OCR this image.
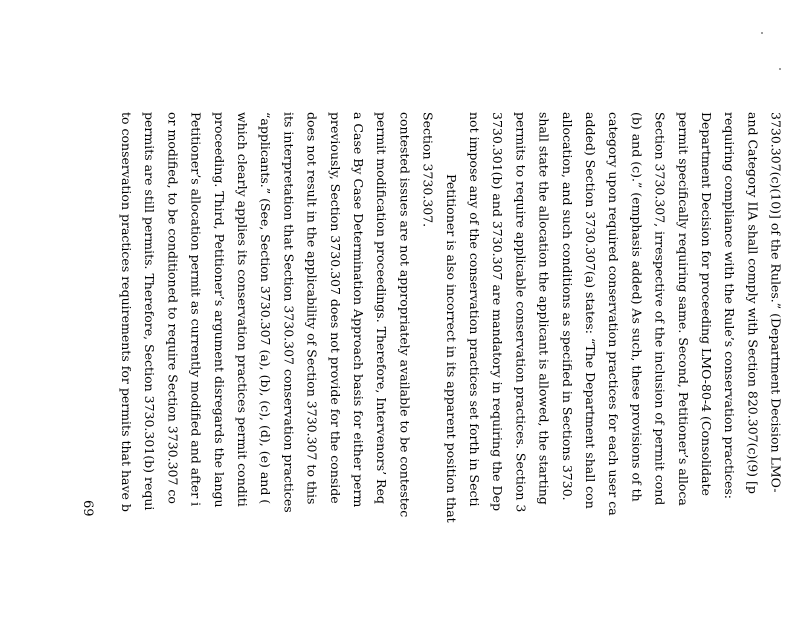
to conservation practices requirements for permits that have b permits are still permits. Therefore, Section 3730.301(b) requi or modified, to be conditioned to require Section 3730.307 co Petitioner’s allocation permit as currently modified and after i proceeding. Third, Petitioner’s argument disregards the langu which clearly applies its conservation practices permit conditi “applicants.” (See, Section 3730.307 (a), (b), (c), (d), (e) and ( its interpretation that Section 3730.307 conservation practices does not result in the applicability of Section 3730.307 to this previously, Section 3730.307 does not provide for the conside a Case By Case Determination Approach basis for either perm permit modification proceedings. Therefore, Intervenors’ Req contested issues are not appropriately available to be contestec Section 3730.307.
Petitioner is also incorrect in its apparent position that not impose any of the conservation practices set forth in Secti 3730.301(b) and 3730.307 are mandatory in requiring the Dep permits to require applicable conservation practices. Section 3 shall state the allocation the applicant is allowed, the starting allocation, and such conditions as specified in Sections 3730. added) Section 3730.307(a) states: “The Department shall con category upon required conservation practices for each user ca (b) and (c).” (emphasis added) As such, these provisions of th Section 3730.307, irrespective of the inclusion of permit cond permit specifically requiring same. Second, Petitioner’s alloca Department Decision for proceeding LMO-80-4 (Consolidate requiring compliance with the Rule’s conservation practices: and Category IIA shall comply with Section 820.307(c)(9) [p 3730.307(c)(10)] of the Rules.” (Department Decision LMO-
69
